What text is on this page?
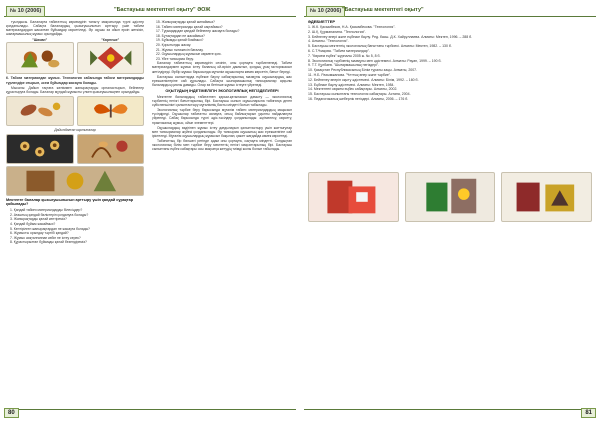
№ 10 (2006)	"Бастауыш мектептегі оқыту" ӘОЖ

туындысы. Балаларға табиғаттың көркемдігін таныту мақсатында түрлі әдістер қолданылады. Сабақта балалардың қызығушылығын арттыру үшін табиғи материалдардан жасалған бұйымдар көрсетіледі. Әр оқушы өз ойын еркін жеткізіп, шығармашылық жұмыс орындайды.

"Шаман"	"Көрпеше"

6. Табиғи материалдан жұмыс. Технология сабағында табиғи материалдарды түрлендіре отырып, әсем бұйымдар жасауға болады.

Мысалы: Дайын тақтаға желіммен жапырақтарды орналастырып, бейнелер құрастыруға болады. Балалар мұндай жұмысты үлкен қызығушылықпен орындайды.

Дайындалған картиналар

Мектепте балалар қызығушылығын арттыру үшін қандай сұрақтар қойылады?

1. Қандай табиғи материалдарды білесіңдер?
2. Ағаштың қандай бөліктерін қолдануға болады?
3. Жапырақтарды қалай кептіреміз?
4. Қандай бұйым жасаймыз?
5. Кептірілген жапырақтардан не жасауға болады?
6. Жұмысты орындау тәртібі қандай?
7. Жұмыс аяқталғаннан кейін не істеу керек?
8. Құрастырылған бұйымды қалай безендіреміз?
15. Жапырақтарды қалай жинаймыз?
16. Табиғи материалды қалай сақтаймыз?
17. Тұқымдардан қандай бейнелер жасауға болады?
18. Бұтақтардан не жасаймыз?
19. Бұйымды қалай бояймыз?
20. Қорытынды жасау.
21. Жұмыс нәтижесін бағалау.
22. Оқушылардың жұмысын көрмеге қою.
23. Үйге тапсырма беру.

Балалар табиғаттың көркемдігін сезініп, оны қорғауға тәрбиеленеді. Табиғи материалдармен жұмыс істеу баланың ой-өрісін дамытып, қолдың ұсақ моторикасын жетілдіреді. Әрбір жұмыс барысында мұғалім оқушыларға көмек көрсетіп, бағыт береді.

Бастауыш сыныптарда еңбекке баулу сабақтарының мазмұны оқушылардың жас ерекшеліктеріне сай құрылады. Сабақта шығармашылық тапсырмалар арқылы балалардың қиялы дамиды. Олар өз бетінше жұмыс істеуге үйренеді.

ОҚЫТУДЫҢ ІНДЕТІМЕЛІГІН ЭКОЛОГИЯЛЫҚ НЕГІЗДЕЛУЛЕРІ

Мектепте балалардың табиғатпен қарым-қатынасын дамыту — экологиялық тәрбиенің негізгі бағыттарының бірі. Бастауыш сынып оқушыларына табиғатқа деген сүйіспеншілікті қалыптастыру мұғалімнің басты міндеті болып табылады.

Экологиялық тәрбие беру барысында мұғалім табиғи материалдардың маңызын түсіндіреді. Оқушылар табиғатты аялауға, оның байлықтарын ұқыпты пайдалануға үйренеді. Сабақ барысында түрлі әдіс-тәсілдер қолданылады: әңгімелесу, көрсету, практикалық жұмыс, ойын элементтері.

Оқушылардың өздігінен жұмыс істеу дағдыларын қалыптастыру үшін жаттығулар мен тапсырмалар жүйесі қолданылады. Әр тапсырма оқушының жас ерекшелігіне сай іріктеледі. Мұғалім оқушылардың жұмысын бақылап, қажет жағдайда көмек көрсетеді.

Табиғаттың бір бөлшегі ретінде адам оны қорғауға, сақтауға міндетті. Сондықтан экологиялық білім мен тәрбие беру мектептің негізгі мақсаттарының бірі. Бастауыш сыныптағы еңбек сабақтары осы мақсатқа жетудің тиімді жолы болып табылады.

80
№ 10 (2006) "Бастауыш мектептегі оқыту"
ӘДЕБИЕТТЕР
1. Ж.К. Қасымбеков, Н.А. Қасымбекова. "Технология".
2. Ш.Қ. Құрманалина. "Технология".
3. Бейнелеу өнері және еңбекке баулу. Ред. басш. Д.К. Хайруллаева. Алматы: Мектеп, 1996. – 288 б.
4. Алматы. "Технология".
5. Бастауыш мектептің экологиялық бағыттағы тәрбиесі. Алматы: Мектеп, 1982. – 130 б.
6. С.Т.Ұзақова. "Табиғи материалдар".
7. "Көркем еңбек" журналы 2005 ж. № 5, 8 б.
8. Экологиялық тәрбиенің мазмұны мен әдістемесі. Алматы: Рауан, 1999. – 190 б.
9. Т.Т. Құлбаев. "Шығармашылық негіздері".
10. Қазақстан Республикасының Білім туралы заңы. Алматы, 2007.
11. Н.Б. Рахымжанова. "Ұлттық өнер және тәрбие".
12. Бейнелеу өнерін оқыту әдістемесі. Алматы: Білім, 1992. – 160 б.
13. Еңбекке баулу әдістемесі. Алматы: Мектеп, 1984.
14. Мектептегі көркем еңбек сабақтары. Алматы, 2002.
15. Бастауыш сыныптағы технология сабақтары. Астана, 2004.
16. Педагогикалық шеберлік негіздері. Алматы, 2006. – 176 б.
81
